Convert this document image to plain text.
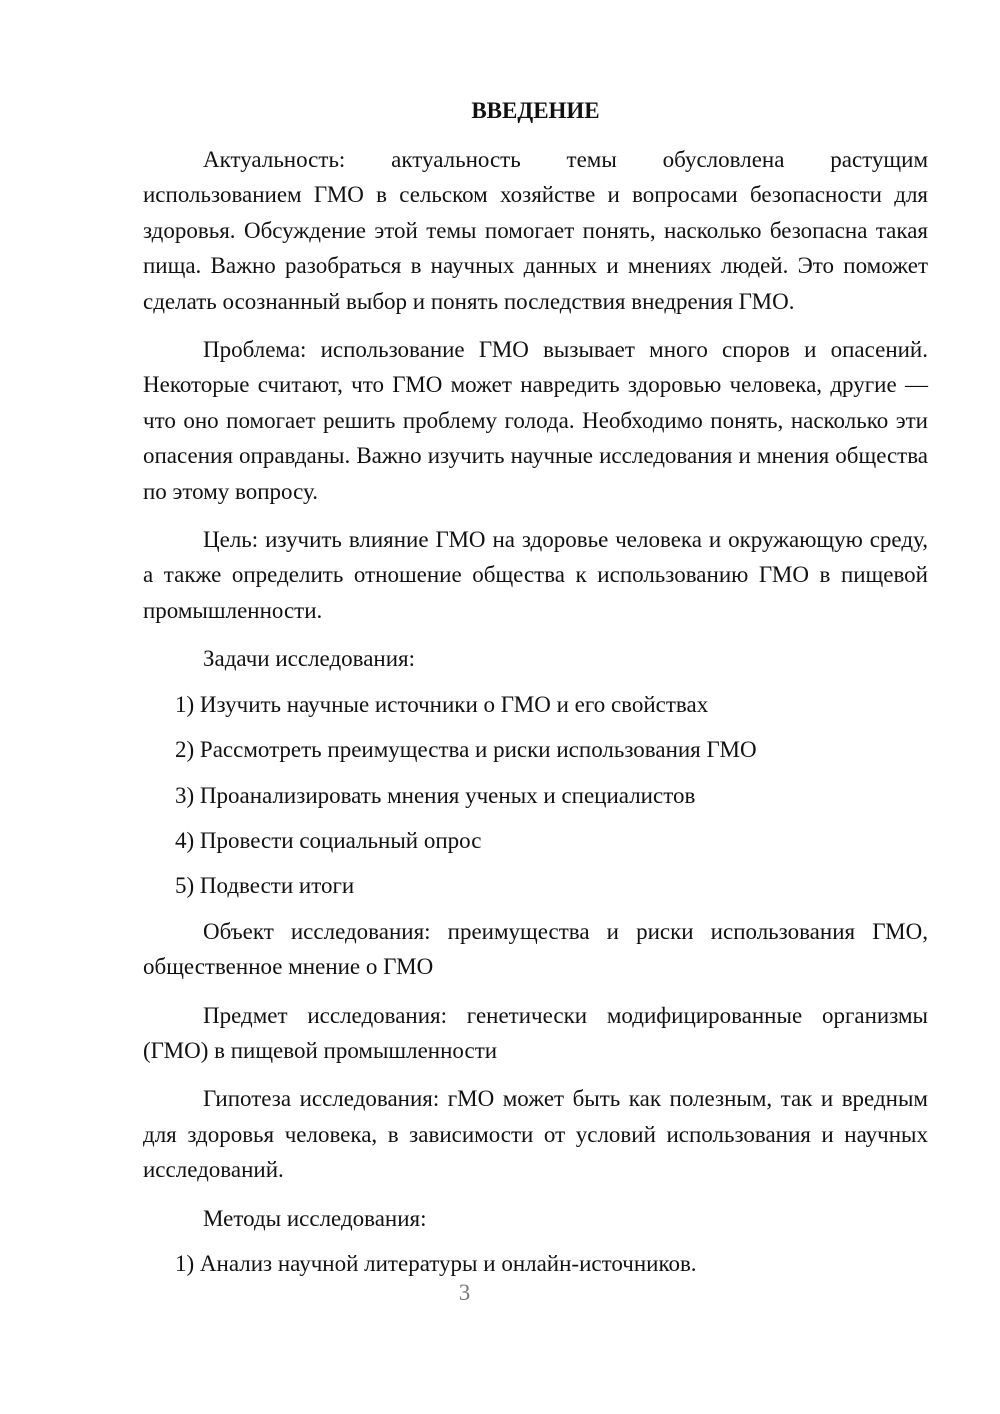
ВВЕДЕНИЕ

Актуальность: актуальность темы обусловлена растущим использованием ГМО в сельском хозяйстве и вопросами безопасности для здоровья. Обсуждение этой темы помогает понять, насколько безопасна такая пища. Важно разобраться в научных данных и мнениях людей. Это поможет сделать осознанный выбор и понять последствия внедрения ГМО.

Проблема: использование ГМО вызывает много споров и опасений. Некоторые считают, что ГМО может навредить здоровью человека, другие — что оно помогает решить проблему голода. Необходимо понять, насколько эти опасения оправданы. Важно изучить научные исследования и мнения общества по этому вопросу.

Цель: изучить влияние ГМО на здоровье человека и окружающую среду, а также определить отношение общества к использованию ГМО в пищевой промышленности.

Задачи исследования:

1) Изучить научные источники о ГМО и его свойствах
2) Рассмотреть преимущества и риски использования ГМО
3) Проанализировать мнения ученых и специалистов
4) Провести социальный опрос
5) Подвести итоги

Объект исследования: преимущества и риски использования ГМО, общественное мнение о ГМО

Предмет исследования: генетически модифицированные организмы (ГМО) в пищевой промышленности

Гипотеза исследования: гМО может быть как полезным, так и вредным для здоровья человека, в зависимости от условий использования и научных исследований.

Методы исследования:

1) Анализ научной литературы и онлайн-источников.
3
